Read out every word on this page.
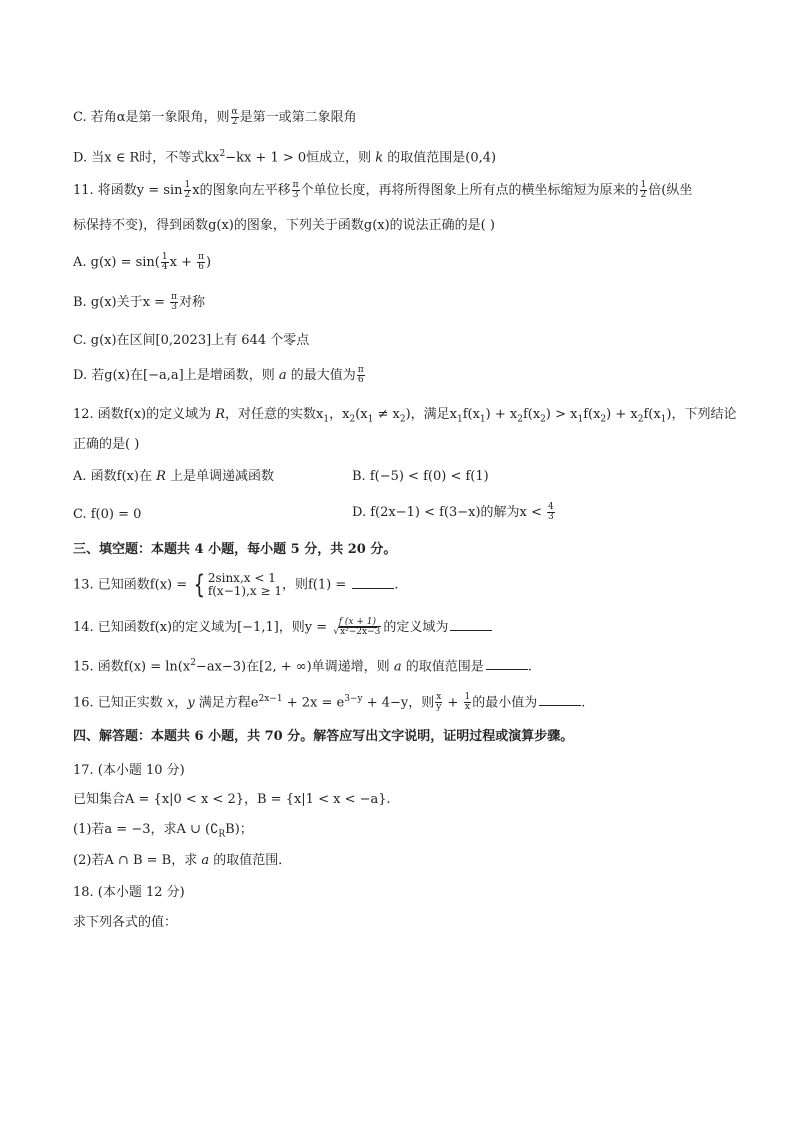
C. 若角α是第一象限角，则 $\frac{\alpha}{2}$ 是第一或第二象限角
D. 当x ∈ R时，不等式$kx^2-kx + 1 > 0$恒成立，则 k 的取值范围是(0,4)
11. 将函数$y = \sin \frac{1}{2}$ x的图象向左平移 $\frac{\pi}{3}$ 个单位长度，再将所得图象上所有点的横坐标缩短为原来的 $\frac{1}{2}$ 倍(纵坐
标保持不变)，得到函数g(x)的图象，下列关于函数g(x)的说法正确的是( )
A. $g(x) = \sin( \frac{1}{4}$ $x + \frac{\pi}{6}$ )
B. g(x)关于$x = \frac{\pi}{3}$ 对称
C. g(x)在区间[0,2023]上有 644 个零点
D. 若g(x)在[−a,a]上是增函数，则 a 的最大值为 $\frac{\pi}{6}$
12. 函数f(x)的定义域为 R，对任意的实数$x_1$，$x_2(x_1 \ne x_2)$，满足$x_1f(x_1) + x_2f(x_2) > x_1f(x_2) + x_2f(x_1)$，下列结论
正确的是( )
A. 函数f(x)在 R 上是单调递减函数	B. f(−5) < f(0) < f(1)
C. f(0) = 0	D. f(2x−1) < f(3−x)的解为$x < \frac{4}{3}$
三、填空题：本题共 4 小题，每小题 5 分，共 20 分。
13. 已知函数f(x) = { 2sinx,x < 1
f(x−1),x ≥ 1 ，则f(1) =	.
14. 已知函数f(x)的定义域为[−1,1]，则$y = \frac{f (x + 1)}{\text{√x²−2x−3}}$ 的定义域为
15. 函数$f(x) = \ln(x^2-ax-3)$在[2, + ∞)单调递增，则 a 的取值范围是	.
16. 已知正实数 x，y 满足方程$e^{2x-1} + 2x = e^{3-y} + 4-y$，则 $\frac{x}{y} + \frac{1}{x}$ 的最小值为	.
四、解答题：本题共 6 小题，共 70 分。解答应写出文字说明，证明过程或演算步骤。
17. (本小题 10 分)
已知集合A = {x|0 < x < 2}，B = {x|1 < x < −a}.
(1)若a = −3，求A ∪ $(∁_RB)$；
(2)若A ∩ B = B，求 a 的取值范围．
18. (本小题 12 分)
求下列各式的值：
